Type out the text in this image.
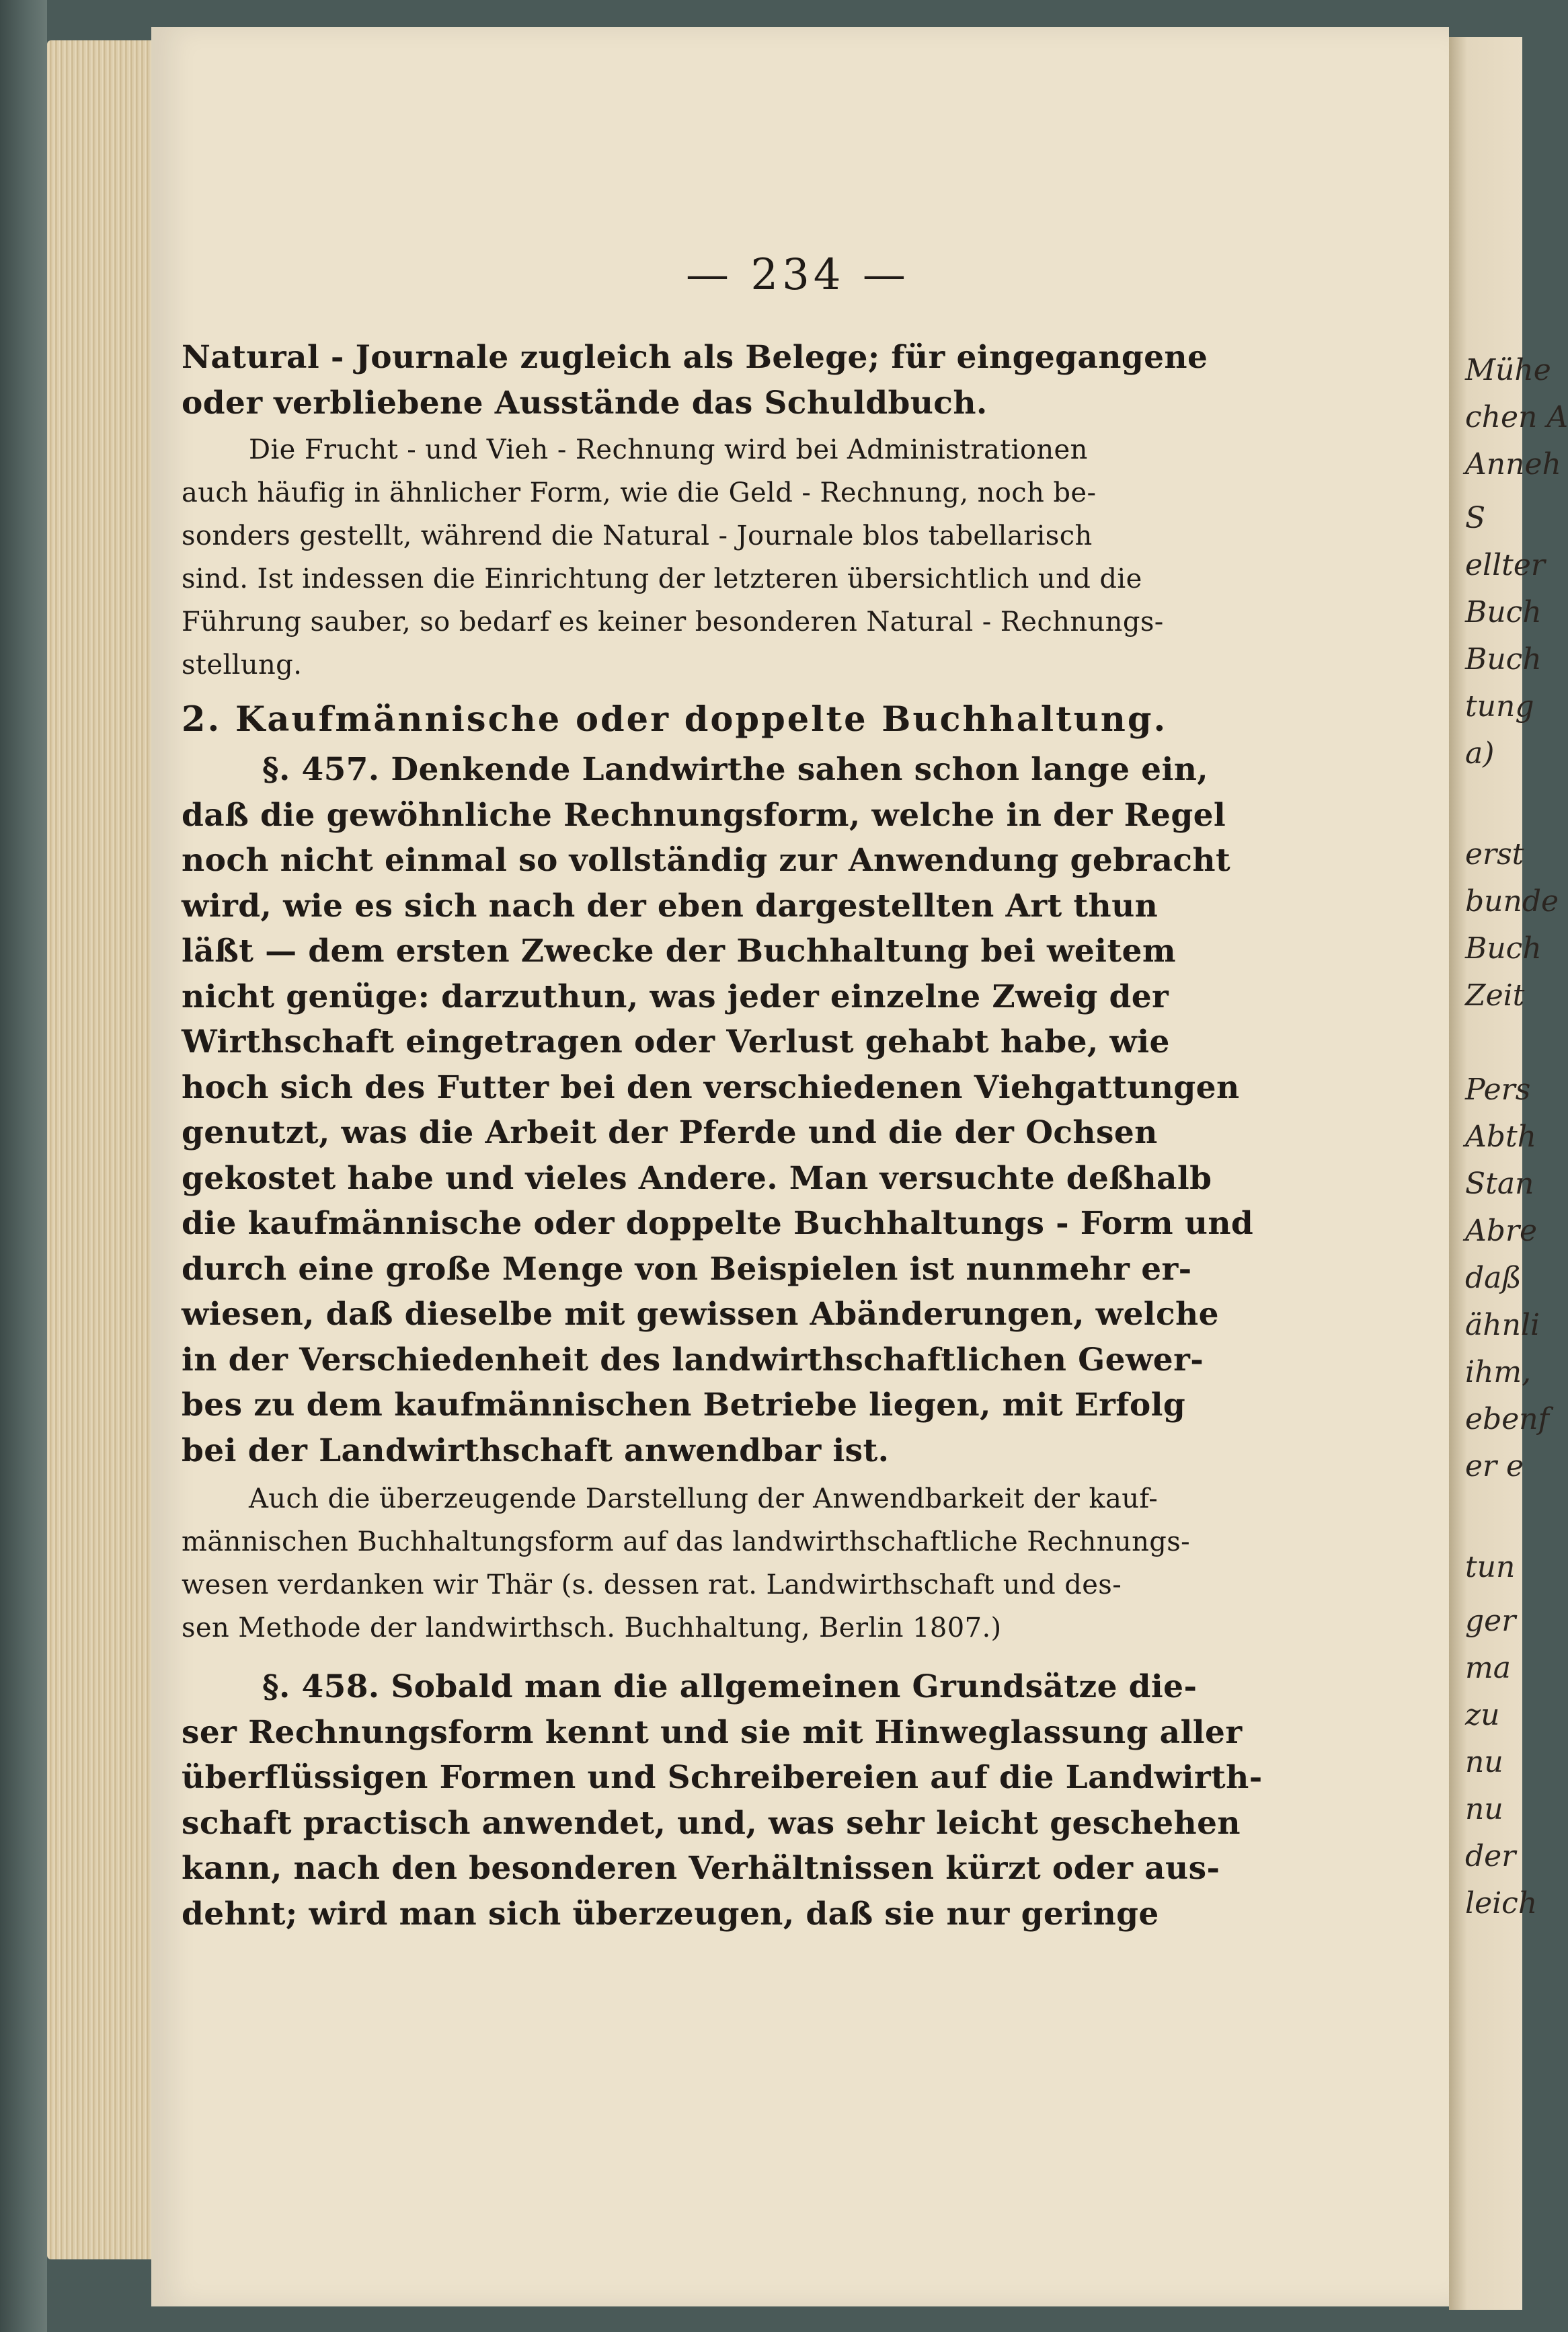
— 234 —

Natural - Journale zugleich als Belege; für eingegangene
oder verbliebene Ausstände das Schuldbuch.

Die Frucht - und Vieh - Rechnung wird bei Administrationen
auch häufig in ähnlicher Form, wie die Geld - Rechnung, noch be-
sonders gestellt, während die Natural - Journale blos tabellarisch
sind. Ist indessen die Einrichtung der letzteren übersichtlich und die
Führung sauber, so bedarf es keiner besonderen Natural - Rechnungs-
stellung.

2. Kaufmännische oder doppelte Buchhaltung.

§. 457. Denkende Landwirthe sahen schon lange ein,
daß die gewöhnliche Rechnungsform, welche in der Regel
noch nicht einmal so vollständig zur Anwendung gebracht
wird, wie es sich nach der eben dargestellten Art thun
läßt — dem ersten Zwecke der Buchhaltung bei weitem
nicht genüge: darzuthun, was jeder einzelne Zweig der
Wirthschaft eingetragen oder Verlust gehabt habe, wie
hoch sich des Futter bei den verschiedenen Viehgattungen
genutzt, was die Arbeit der Pferde und die der Ochsen
gekostet habe und vieles Andere. Man versuchte deßhalb
die kaufmännische oder doppelte Buchhaltungs - Form und
durch eine große Menge von Beispielen ist nunmehr er-
wiesen, daß dieselbe mit gewissen Abänderungen, welche
in der Verschiedenheit des landwirthschaftlichen Gewer-
bes zu dem kaufmännischen Betriebe liegen, mit Erfolg
bei der Landwirthschaft anwendbar ist.

Auch die überzeugende Darstellung der Anwendbarkeit der kauf-
männischen Buchhaltungsform auf das landwirthschaftliche Rechnungs-
wesen verdanken wir Thär (s. dessen rat. Landwirthschaft und des-
sen Methode der landwirthsch. Buchhaltung, Berlin 1807.)

§. 458. Sobald man die allgemeinen Grundsätze die-
ser Rechnungsform kennt und sie mit Hinweglassung aller
überflüssigen Formen und Schreibereien auf die Landwirth-
schaft practisch anwendet, und, was sehr leicht geschehen
kann, nach den besonderen Verhältnissen kürzt oder aus-
dehnt; wird man sich überzeugen, daß sie nur geringe

Mühe
chen A
Anneh
S
ellter
Buch
Buch
tung
a)
erst
bunde
Buch
Zeit
Pers
Abth
Stan
Abre
daß
ähnli
ihm,
ebenf
er e
tun
ger
ma
zu
nu
nu
der
leich
